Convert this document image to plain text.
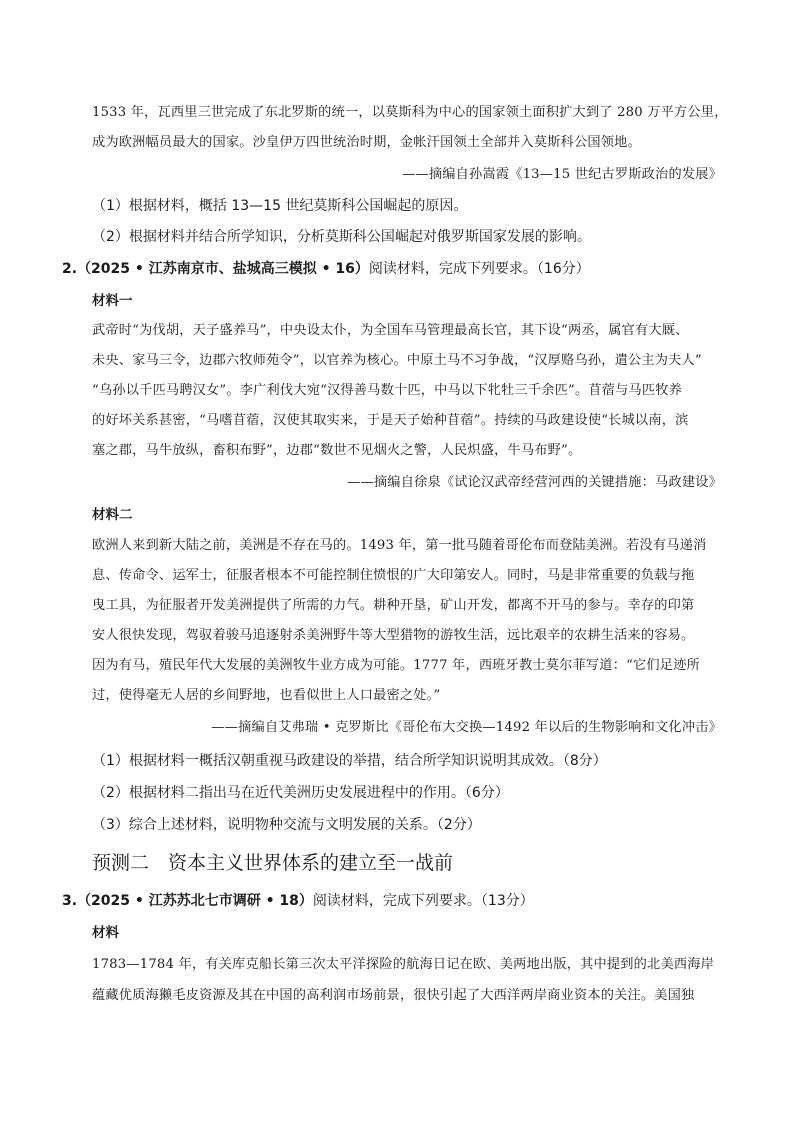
1533 年，瓦西里三世完成了东北罗斯的统一，以莫斯科为中心的国家领土面积扩大到了 280 万平方公里，
成为欧洲幅员最大的国家。沙皇伊万四世统治时期，金帐汗国领土全部并入莫斯科公国领地。
——摘编自孙嵩霞《13—15 世纪古罗斯政治的发展》
（1）根据材料，概括 13—15 世纪莫斯科公国崛起的原因。
（2）根据材料并结合所学知识，分析莫斯科公国崛起对俄罗斯国家发展的影响。
2.（2025 • 江苏南京市、盐城高三模拟 • 16）阅读材料，完成下列要求。（16分）
材料一
武帝时“为伐胡，天子盛养马”，中央设太仆，为全国车马管理最高长官，其下设“两丞，属官有大厩、
未央、家马三令，边郡六牧师苑令”，以官养为核心。中原土马不习争战，“汉厚赂乌孙，遣公主为夫人”
“乌孙以千匹马聘汉女”。李广利伐大宛“汉得善马数十匹，中马以下牝牡三千余匹”。苜蓿与马匹牧养
的好坏关系甚密，“马嗜苜蓿，汉使其取实来，于是天子始种苜蓿”。持续的马政建设使“长城以南，滨
塞之郡，马牛放纵，畜积布野”，边郡“数世不见烟火之警，人民炽盛，牛马布野”。
——摘编自徐泉《试论汉武帝经营河西的关键措施：马政建设》
材料二
欧洲人来到新大陆之前，美洲是不存在马的。1493 年，第一批马随着哥伦布而登陆美洲。若没有马递消
息、传命令、运军士，征服者根本不可能控制住愤恨的广大印第安人。同时，马是非常重要的负载与拖
曳工具，为征服者开发美洲提供了所需的力气。耕种开垦，矿山开发，都离不开马的参与。幸存的印第
安人很快发现，驾驭着骏马追逐射杀美洲野牛等大型猎物的游牧生活，远比艰辛的农耕生活来的容易。
因为有马，殖民年代大发展的美洲牧牛业方成为可能。1777 年，西班牙教士莫尔菲写道：“它们足迹所
过，使得毫无人居的乡间野地，也看似世上人口最密之处。”
——摘编自艾弗瑞 • 克罗斯比《哥伦布大交换—1492 年以后的生物影响和文化冲击》
（1）根据材料一概括汉朝重视马政建设的举措，结合所学知识说明其成效。（8分）
（2）根据材料二指出马在近代美洲历史发展进程中的作用。（6分）
（3）综合上述材料，说明物种交流与文明发展的关系。（2分）
预测二　资本主义世界体系的建立至一战前
3.（2025 • 江苏苏北七市调研 • 18）阅读材料，完成下列要求。（13分）
材料
1783—1784 年，有关库克船长第三次太平洋探险的航海日记在欧、美两地出版，其中提到的北美西海岸
蕴藏优质海獭毛皮资源及其在中国的高利润市场前景，很快引起了大西洋两岸商业资本的关注。美国独
